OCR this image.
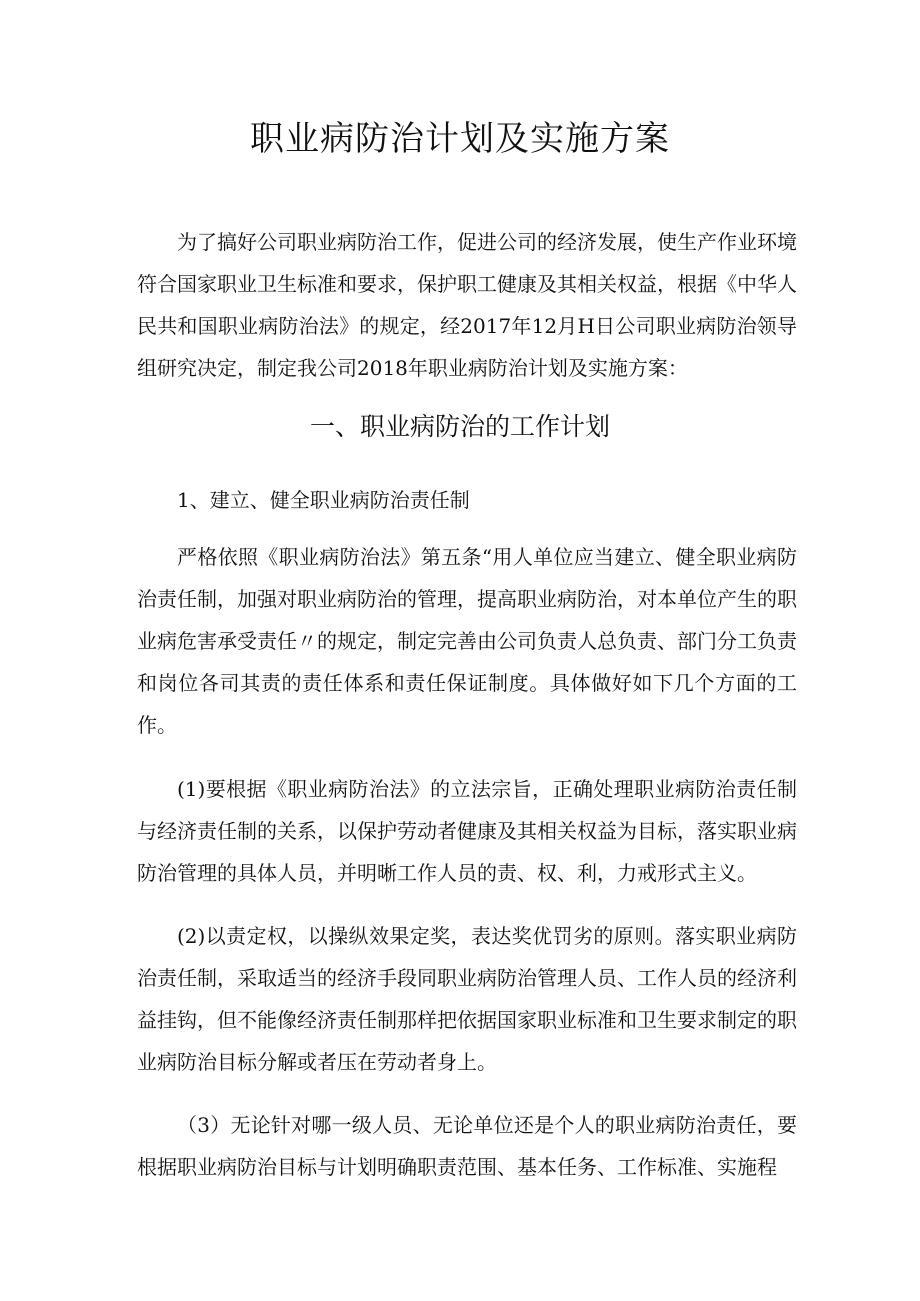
职业病防治计划及实施方案

为了搞好公司职业病防治工作，促进公司的经济发展，使生产作业环境符合国家职业卫生标准和要求，保护职工健康及其相关权益，根据《中华人民共和国职业病防治法》的规定，经2017年12月H日公司职业病防治领导组研究决定，制定我公司2018年职业病防治计划及实施方案：

一、职业病防治的工作计划

1、建立、健全职业病防治责任制

严格依照《职业病防治法》第五条“用人单位应当建立、健全职业病防治责任制，加强对职业病防治的管理，提高职业病防治，对本单位产生的职业病危害承受责任〃的规定，制定完善由公司负责人总负责、部门分工负责和岗位各司其责的责任体系和责任保证制度。具体做好如下几个方面的工作。

(1)要根据《职业病防治法》的立法宗旨，正确处理职业病防治责任制与经济责任制的关系，以保护劳动者健康及其相关权益为目标，落实职业病防治管理的具体人员，并明晰工作人员的责、权、利，力戒形式主义。

(2)以责定权，以操纵效果定奖，表达奖优罚劣的原则。落实职业病防治责任制，采取适当的经济手段同职业病防治管理人员、工作人员的经济利益挂钩，但不能像经济责任制那样把依据国家职业标准和卫生要求制定的职业病防治目标分解或者压在劳动者身上。

（3）无论针对哪一级人员、无论单位还是个人的职业病防治责任，要根据职业病防治目标与计划明确职责范围、基本任务、工作标准、实施程
